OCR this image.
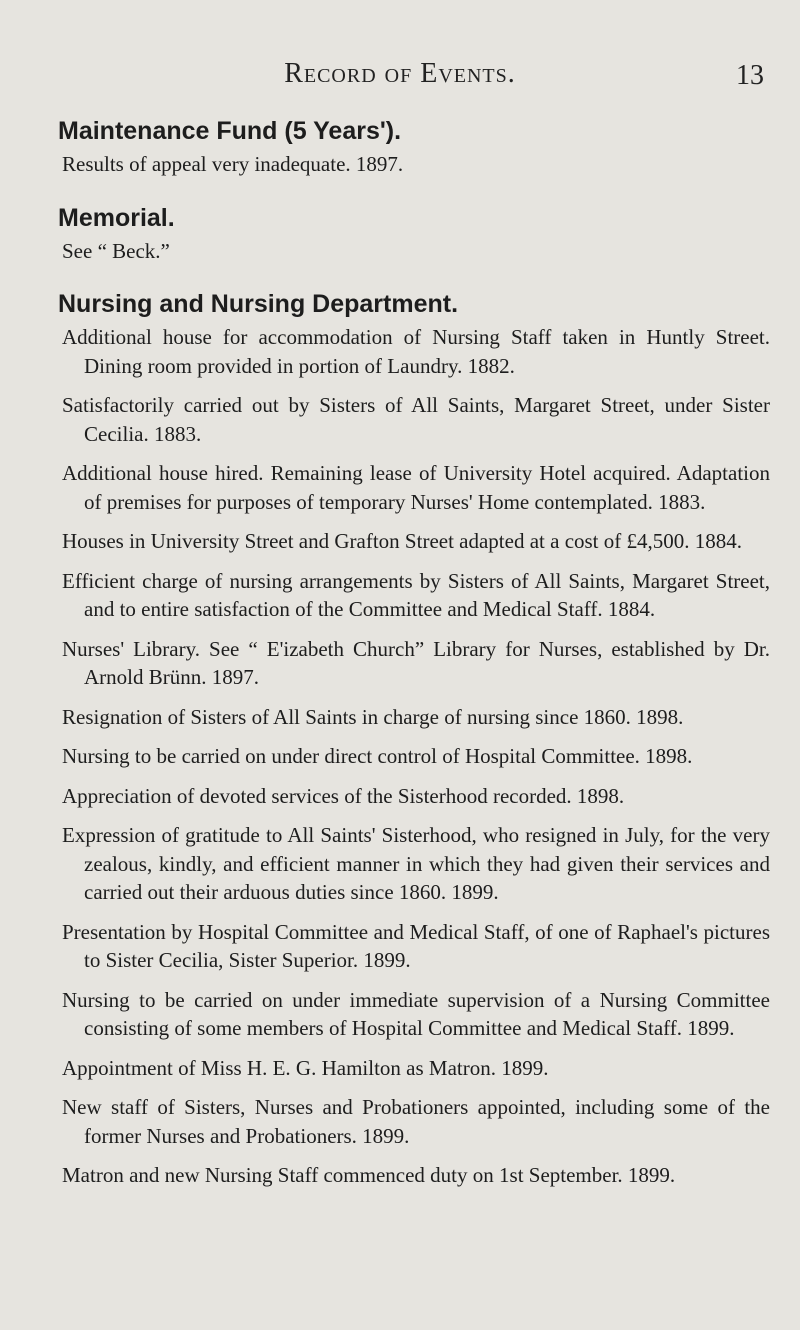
Record of Events.	13
Maintenance Fund (5 Years').
Results of appeal very inadequate. 1897.
Memorial.
See “ Beck.”
Nursing and Nursing Department.
Additional house for accommodation of Nursing Staff taken in Huntly Street. Dining room provided in portion of Laundry. 1882.
Satisfactorily carried out by Sisters of All Saints, Margaret Street, under Sister Cecilia. 1883.
Additional house hired. Remaining lease of University Hotel acquired. Adaptation of premises for purposes of temporary Nurses' Home contemplated. 1883.
Houses in University Street and Grafton Street adapted at a cost of £4,500. 1884.
Efficient charge of nursing arrangements by Sisters of All Saints, Margaret Street, and to entire satisfaction of the Committee and Medical Staff. 1884.
Nurses' Library. See “ E'izabeth Church” Library for Nurses, established by Dr. Arnold Brünn. 1897.
Resignation of Sisters of All Saints in charge of nursing since 1860. 1898.
Nursing to be carried on under direct control of Hospital Committee. 1898.
Appreciation of devoted services of the Sisterhood recorded. 1898.
Expression of gratitude to All Saints' Sisterhood, who resigned in July, for the very zealous, kindly, and efficient manner in which they had given their services and carried out their arduous duties since 1860. 1899.
Presentation by Hospital Committee and Medical Staff, of one of Raphael's pictures to Sister Cecilia, Sister Superior. 1899.
Nursing to be carried on under immediate supervision of a Nursing Committee consisting of some members of Hospital Committee and Medical Staff. 1899.
Appointment of Miss H. E. G. Hamilton as Matron. 1899.
New staff of Sisters, Nurses and Probationers appointed, including some of the former Nurses and Probationers. 1899.
Matron and new Nursing Staff commenced duty on 1st September. 1899.
